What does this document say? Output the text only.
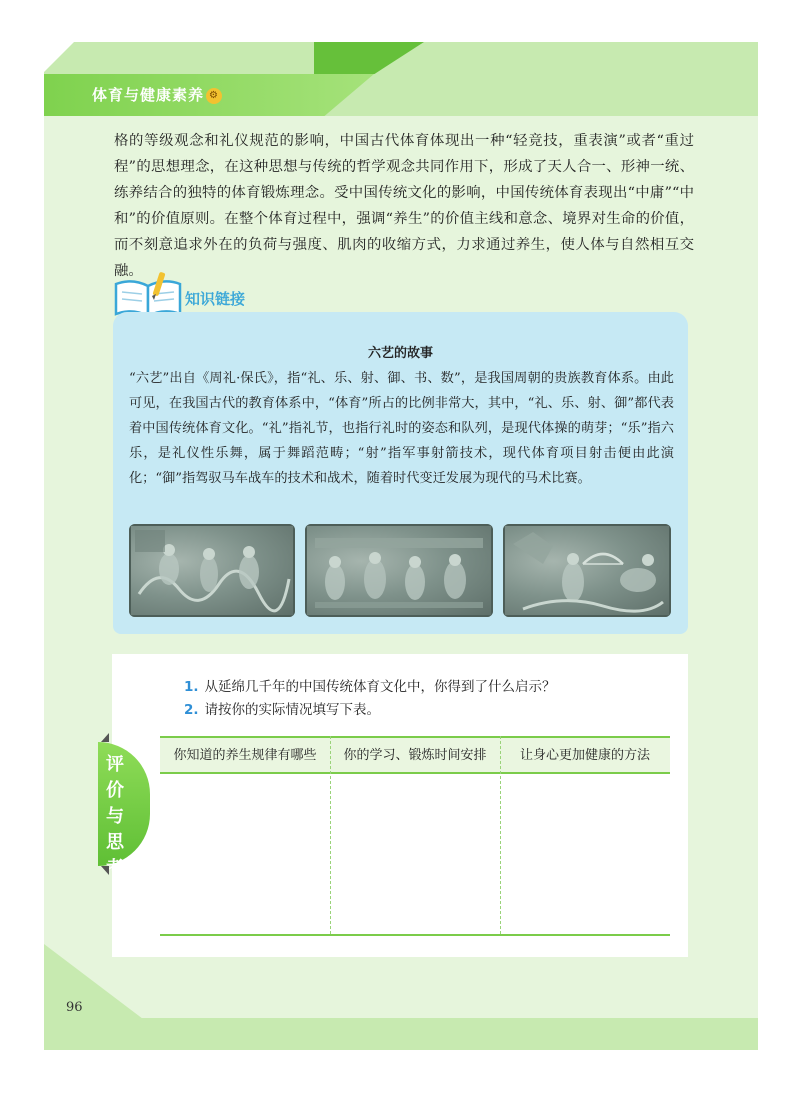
体育与健康素养 ⚙

格的等级观念和礼仪规范的影响，中国古代体育体现出一种“轻竞技，重表演”或者“重过程”的思想理念，在这种思想与传统的哲学观念共同作用下，形成了天人合一、形神一统、练养结合的独特的体育锻炼理念。受中国传统文化的影响，中国传统体育表现出“中庸”“中和”的价值原则。在整个体育过程中，强调“养生”的价值主线和意念、境界对生命的价值，而不刻意追求外在的负荷与强度、肌肉的收缩方式，力求通过养生，使人体与自然相互交融。

知识链接
六艺的故事
“六艺”出自《周礼·保氏》，指“礼、乐、射、御、书、数”，是我国周朝的贵族教育体系。由此可见，在我国古代的教育体系中，“体育”所占的比例非常大，其中，“礼、乐、射、御”都代表着中国传统体育文化。“礼”指礼节，也指行礼时的姿态和队列，是现代体操的萌芽；“乐”指六乐，是礼仪性乐舞，属于舞蹈范畴；“射”指军事射箭技术，现代体育项目射击便由此演化；“御”指驾驭马车战车的技术和战术，随着时代变迁发展为现代的马术比赛。
1. 从延绵几千年的中国传统体育文化中，你得到了什么启示？
2. 请按你的实际情况填写下表。
你知道的养生规律有哪些	你的学习、锻炼时间安排	让身心更加健康的方法
评价与思考
96
